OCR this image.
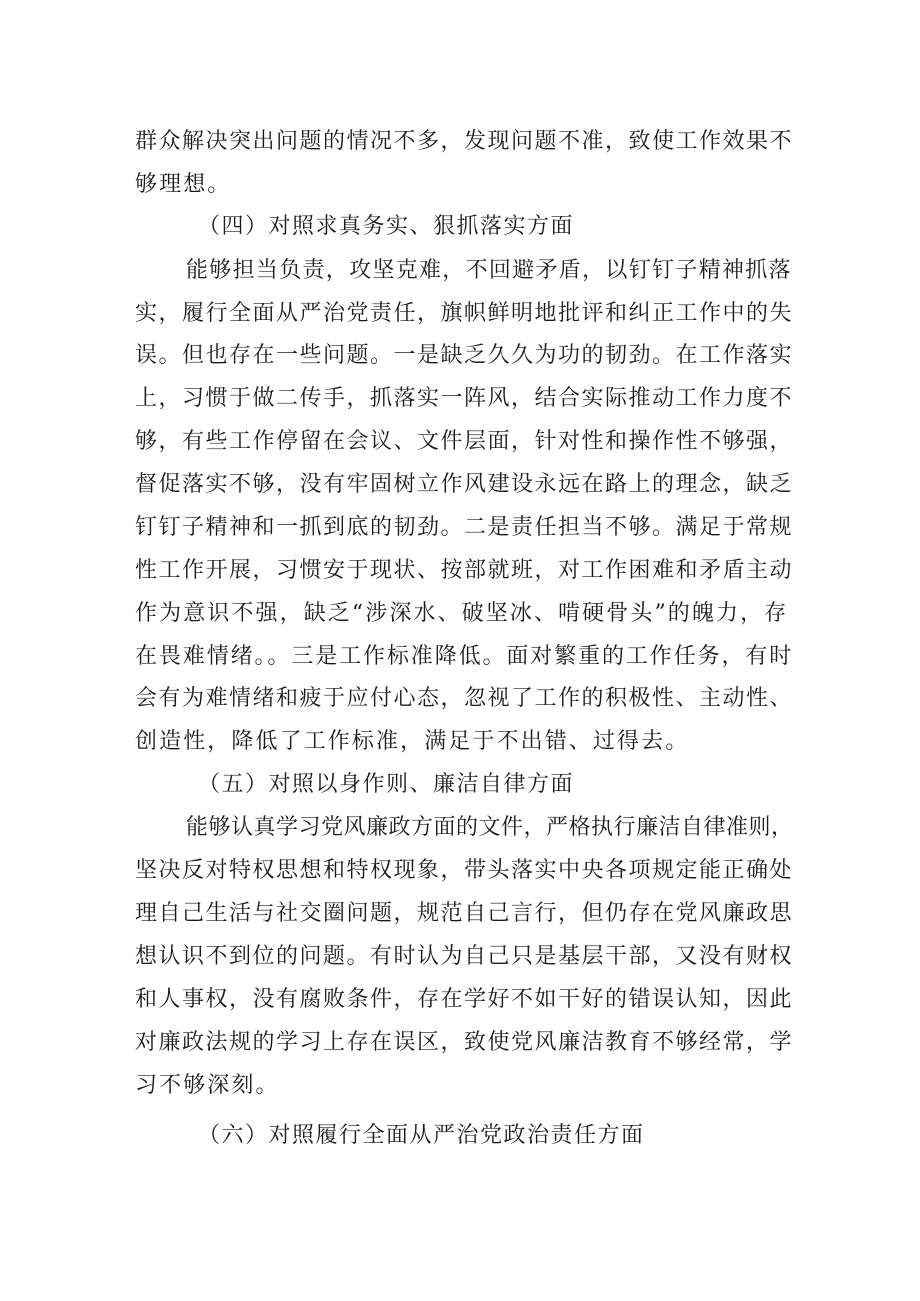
群众解决突出问题的情况不多，发现问题不准，致使工作效果不
够理想。
（四）对照求真务实、狠抓落实方面
能够担当负责，攻坚克难，不回避矛盾，以钉钉子精神抓落
实，履行全面从严治党责任，旗帜鲜明地批评和纠正工作中的失
误。但也存在一些问题。一是缺乏久久为功的韧劲。在工作落实
上，习惯于做二传手，抓落实一阵风，结合实际推动工作力度不
够，有些工作停留在会议、文件层面，针对性和操作性不够强，
督促落实不够，没有牢固树立作风建设永远在路上的理念，缺乏
钉钉子精神和一抓到底的韧劲。二是责任担当不够。满足于常规
性工作开展，习惯安于现状、按部就班，对工作困难和矛盾主动
作为意识不强，缺乏“涉深水、破坚冰、啃硬骨头”的魄力，存
在畏难情绪。。三是工作标准降低。面对繁重的工作任务，有时
会有为难情绪和疲于应付心态，忽视了工作的积极性、主动性、
创造性，降低了工作标准，满足于不出错、过得去。
（五）对照以身作则、廉洁自律方面
能够认真学习党风廉政方面的文件，严格执行廉洁自律准则，
坚决反对特权思想和特权现象，带头落实中央各项规定能正确处
理自己生活与社交圈问题，规范自己言行，但仍存在党风廉政思
想认识不到位的问题。有时认为自己只是基层干部，又没有财权
和人事权，没有腐败条件，存在学好不如干好的错误认知，因此
对廉政法规的学习上存在误区，致使党风廉洁教育不够经常，学
习不够深刻。
（六）对照履行全面从严治党政治责任方面
